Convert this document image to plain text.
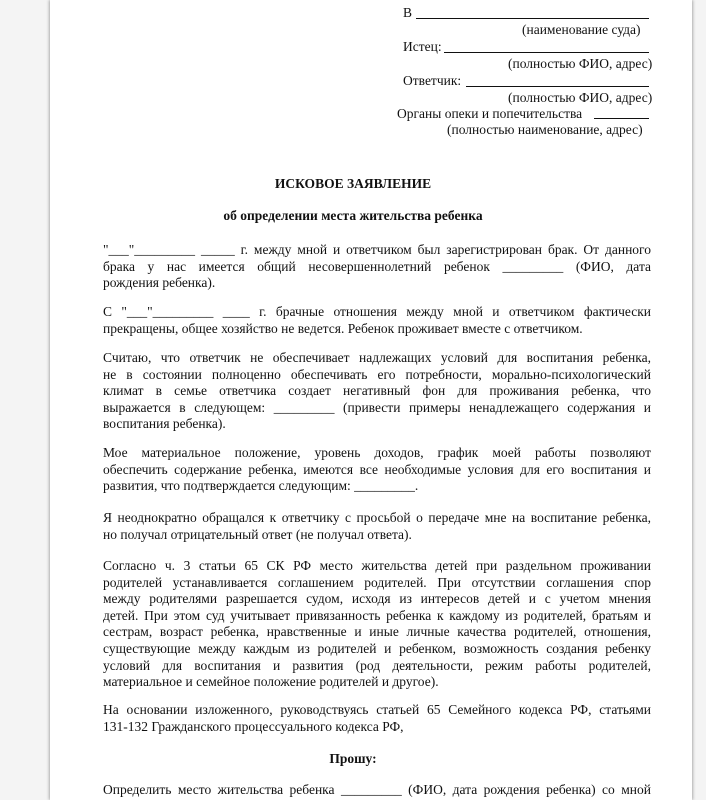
В
(наименование суда)
Истец:
(полностью ФИО, адрес)
Ответчик:
(полностью ФИО, адрес)
Органы опеки и попечительства
(полностью наименование, адрес)
ИСКОВОЕ ЗАЯВЛЕНИЕ
об определении места жительства ребенка
"___"_________ _____ г. между мной и ответчиком был зарегистрирован брак. От данного
брака у нас имеется общий несовершеннолетний ребенок _________ (ФИО, дата
рождения ребенка).
С "___"_________ ____ г. брачные отношения между мной и ответчиком фактически
прекращены, общее хозяйство не ведется. Ребенок проживает вместе с ответчиком.
Считаю, что ответчик не обеспечивает надлежащих условий для воспитания ребенка,
не в состоянии полноценно обеспечивать его потребности, морально-психологический
климат в семье ответчика создает негативный фон для проживания ребенка, что
выражается в следующем: _________ (привести примеры ненадлежащего содержания и
воспитания ребенка).
Мое материальное положение, уровень доходов, график моей работы позволяют
обеспечить содержание ребенка, имеются все необходимые условия для его воспитания и
развития, что подтверждается следующим: _________.
Я неоднократно обращался к ответчику с просьбой о передаче мне на воспитание ребенка,
но получал отрицательный ответ (не получал ответа).
Согласно ч. 3 статьи 65 СК РФ место жительства детей при раздельном проживании
родителей устанавливается соглашением родителей. При отсутствии соглашения спор
между родителями разрешается судом, исходя из интересов детей и с учетом мнения
детей. При этом суд учитывает привязанность ребенка к каждому из родителей, братьям и
сестрам, возраст ребенка, нравственные и иные личные качества родителей, отношения,
существующие между каждым из родителей и ребенком, возможность создания ребенку
условий для воспитания и развития (род деятельности, режим работы родителей,
материальное и семейное положение родителей и другое).
На основании изложенного, руководствуясь статьей 65 Семейного кодекса РФ, статьями
131-132 Гражданского процессуального кодекса РФ,
Прошу:
Определить место жительства ребенка _________ (ФИО, дата рождения ребенка) со мной
